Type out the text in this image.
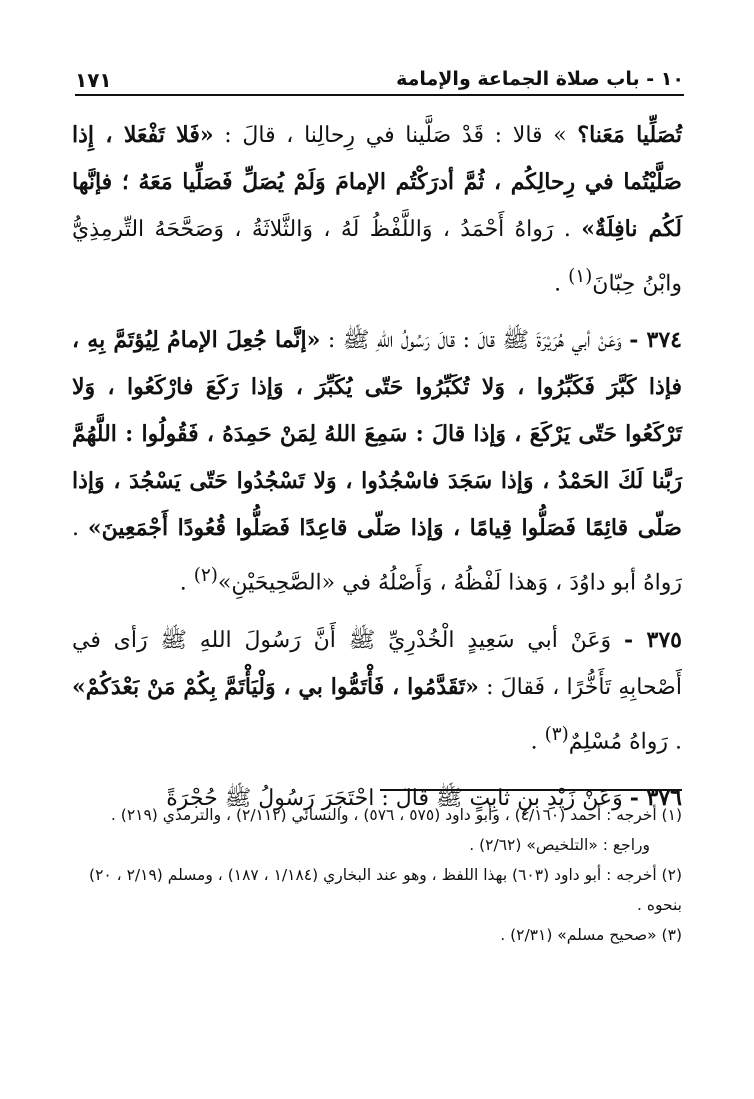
١٠ - باب صلاة الجماعة والإمامة
١٧١

تُصَلِّيا مَعَنا؟ » قالا : قَدْ صَلَّينا في رِحالِنا ، قالَ : «فَلا تَفْعَلا ، إِذا صَلَّيْتُما في رِحالِكُم ، ثُمَّ أدرَكْتُم الإمامَ وَلَمْ يُصَلِّ فَصَلِّيا مَعَهُ ؛ فإنَّها لَكُم نافِلَةٌ» . رَواهُ أَحْمَدُ ، وَاللَّفْظُ لَهُ ، وَالثَّلاثَةُ ، وَصَحَّحَهُ التِّرمِذِيُّ وابْنُ حِبّانَ$^{(١)}$ .

٣٧٤ - وَعَنْ أبي هُرَيْرَةَ ﷺ قالَ : قالَ رَسُولُ اللهِ ﷺ : «إنَّما جُعِلَ الإمامُ لِيُؤتَمَّ بِهِ ، فإذا كَبَّرَ فَكَبِّرُوا ، وَلا تُكَبِّرُوا حَتّى يُكَبِّرَ ، وَإذا رَكَعَ فارْكَعُوا ، وَلا تَرْكَعُوا حَتّى يَرْكَعَ ، وَإذا قالَ : سَمِعَ اللهُ لِمَنْ حَمِدَهُ ، فَقُولُوا : اللَّهُمَّ رَبَّنا لَكَ الحَمْدُ ، وَإذا سَجَدَ فاسْجُدُوا ، وَلا تَسْجُدُوا حَتّى يَسْجُدَ ، وَإذا صَلّى قائِمًا فَصَلُّوا قِيامًا ، وَإذا صَلّى قاعِدًا فَصَلُّوا قُعُودًا أَجْمَعِينَ» . رَواهُ أبو داوُدَ ، وَهذا لَفْظُهُ ، وَأَصْلُهُ في «الصَّحِيحَيْنِ»$^{(٢)}$ .

٣٧٥ - وَعَنْ أبي سَعِيدٍ الْخُدْرِيِّ ﷺ أَنَّ رَسُولَ اللهِ ﷺ رَأى في أَصْحابِهِ تَأَخُّرًا ، فَقالَ : «تَقَدَّمُوا ، فَأْتَمُّوا بي ، وَلْيَأْتَمَّ بِكُمْ مَنْ بَعْدَكُمْ» . رَواهُ مُسْلِمٌ$^{(٣)}$ .

٣٧٦ - وَعَنْ زَيْدِ بنِ ثابِتٍ ﷺ قالَ : احْتَجَرَ رَسُولُ ﷺ حُجْرَةً

(١) أخرجه : أحمد (٤/١٦٠) ، وأبو داود (٥٧٥ ، ٥٧٦) ، والنسائي (٢/١١٢) ، والترمذي (٢١٩) .

وراجع : «التلخيص» (٢/٦٢) .

(٢) أخرجه : أبو داود (٦٠٣) بهذا اللفظ ، وهو عند البخاري (١/١٨٤ ، ١٨٧) ، ومسلم (٢/١٩ ، ٢٠) بنحوه .

(٣) «صحيح مسلم» (٢/٣١) .
